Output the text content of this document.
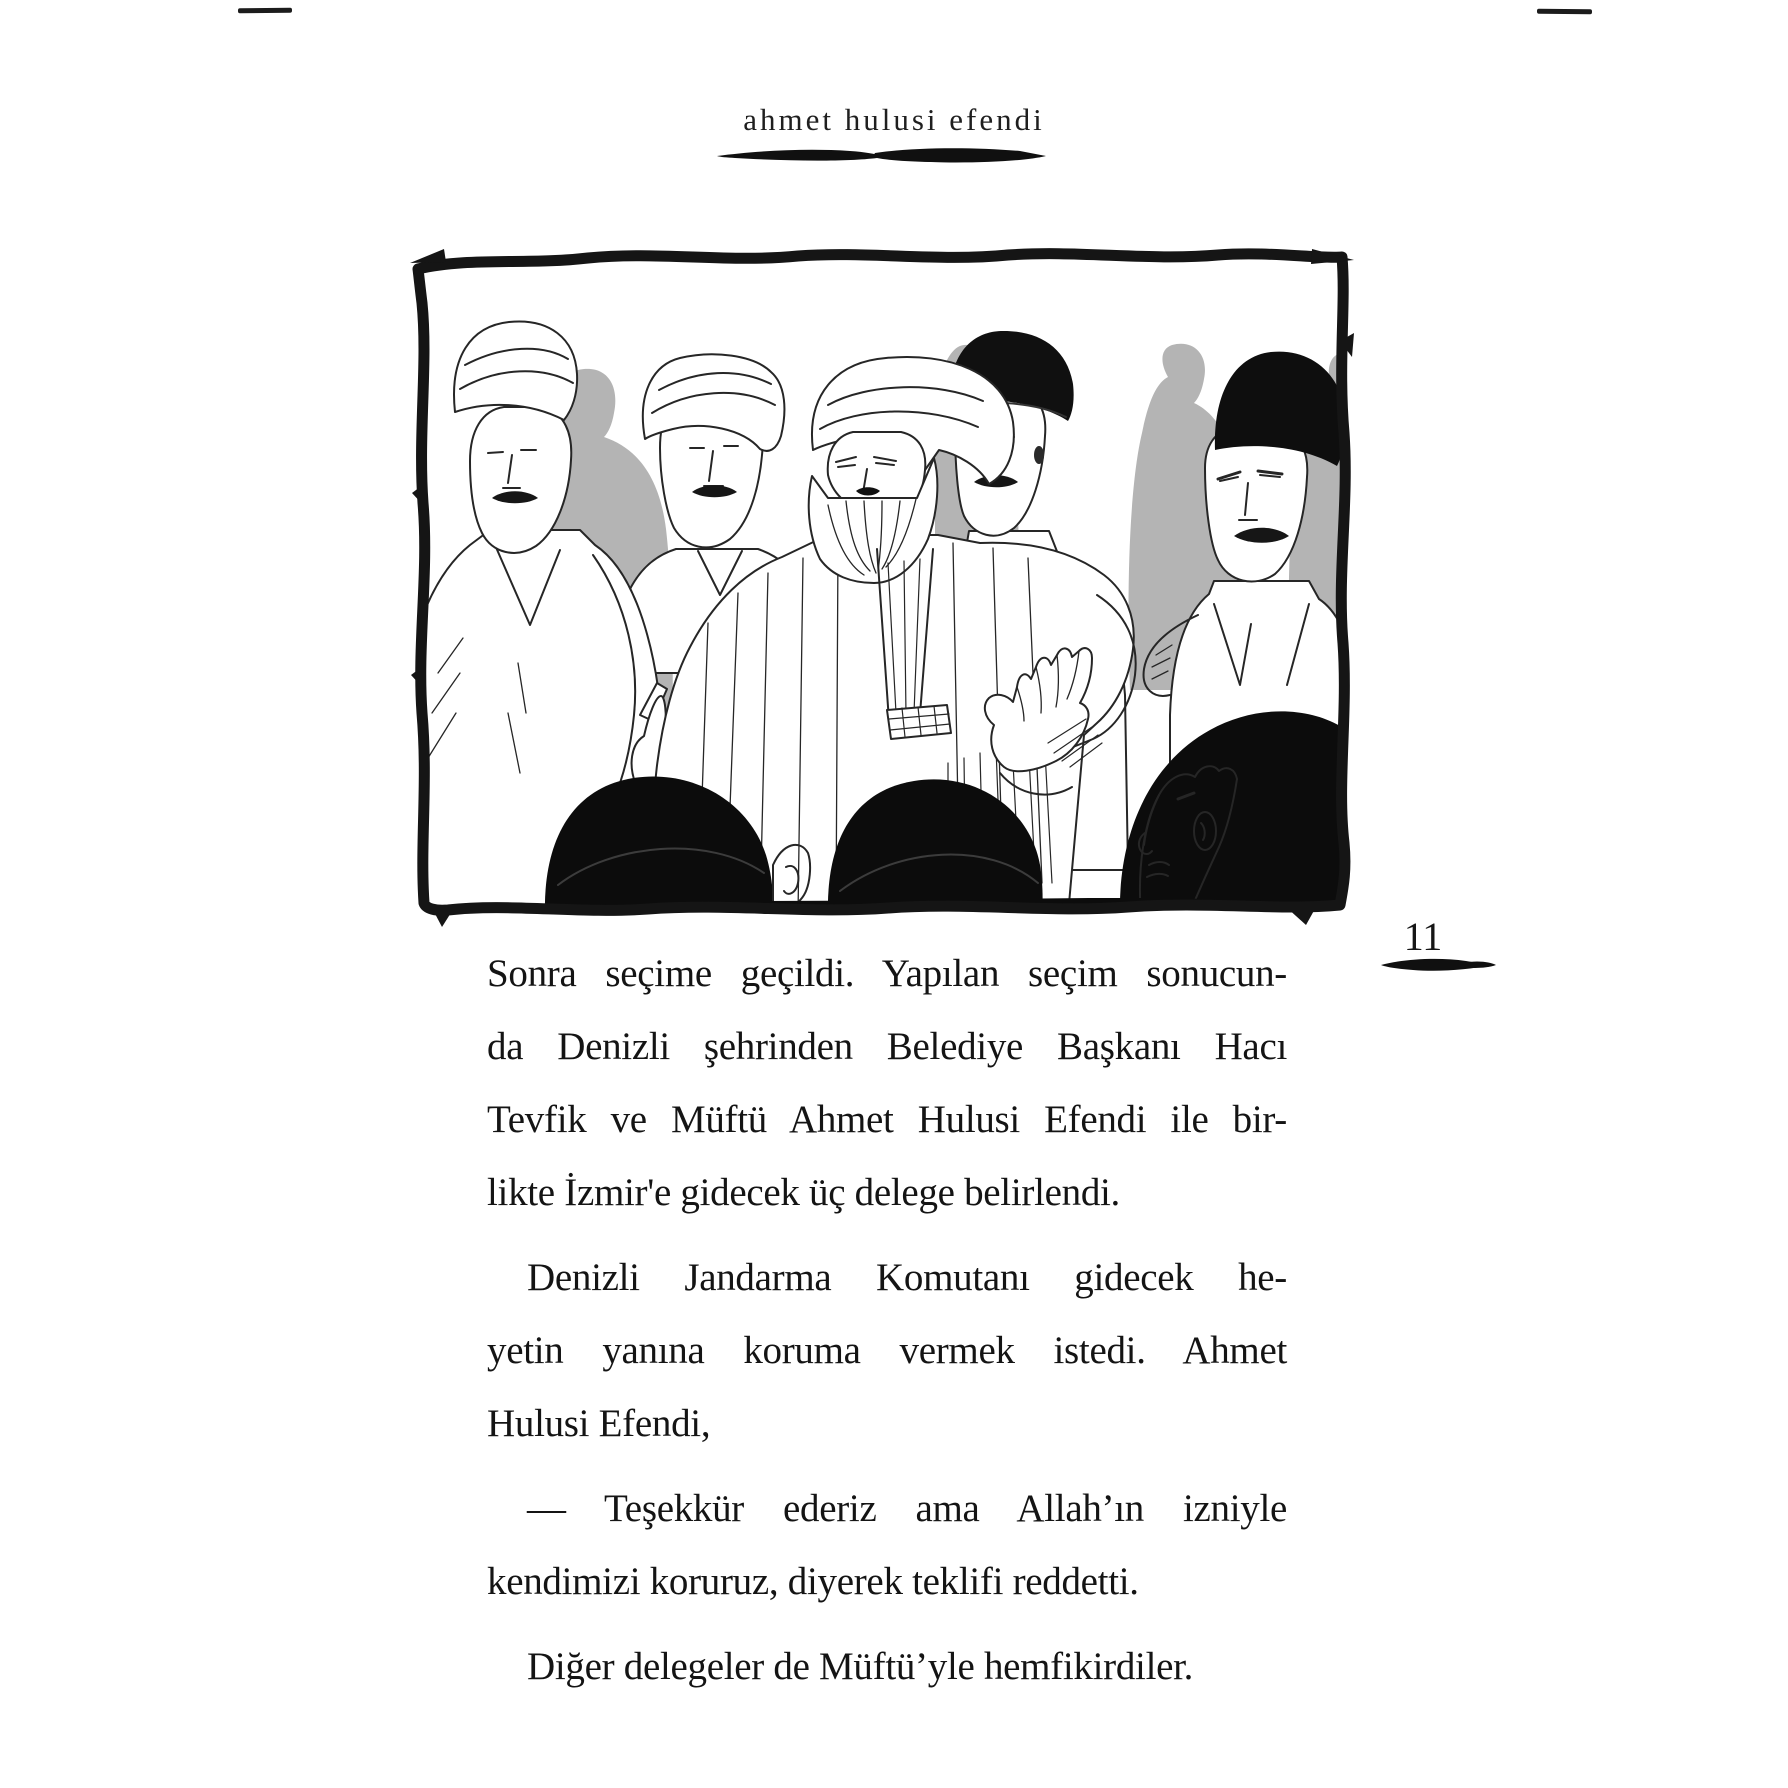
ahmet hulusi efendi
11
Sonra seçime geçildi. Yapılan seçim sonucun-
da Denizli şehrinden Belediye Başkanı Hacı
Tevfik ve Müftü Ahmet Hulusi Efendi ile bir-
likte İzmir'e gidecek üç delege belirlendi.
Denizli Jandarma Komutanı gidecek he-
yetin yanına koruma vermek istedi. Ahmet
Hulusi Efendi,
— Teşekkür ederiz ama Allah’ın izniyle
kendimizi koruruz, diyerek teklifi reddetti.
Diğer delegeler de Müftü’yle hemfikirdiler.
